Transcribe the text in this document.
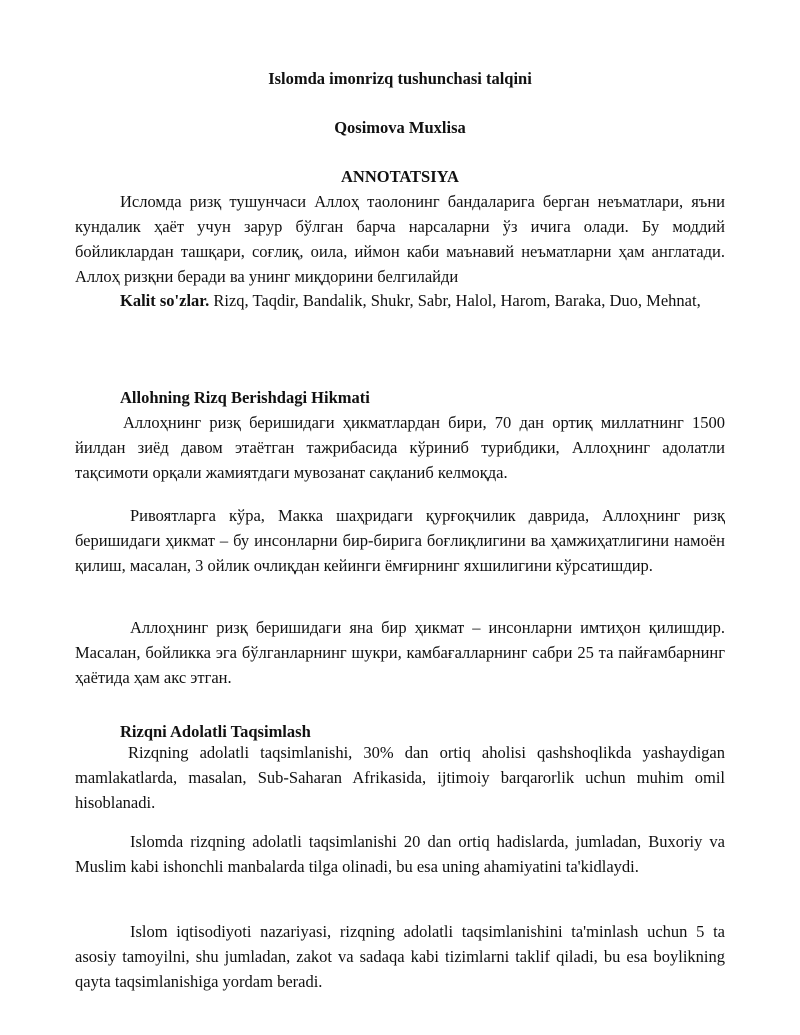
Islomda imonrizq tushunchasi talqini
Qosimova Muxlisa
ANNOTATSIYA
Исломда ризқ тушунчаси Аллоҳ таолонинг бандаларига берган неъматлари, яъни кундалик ҳаёт учун зарур бўлган барча нарсаларни ўз ичига олади. Бу моддий бойликлардан ташқари, соғлиқ, оила, иймон каби маънавий неъматларни ҳам англатади. Аллоҳ ризқни беради ва унинг миқдорини белгилайди
Kalit so'zlar. Rizq, Taqdir, Bandalik, Shukr, Sabr, Halol, Harom, Baraka, Duo, Mehnat,
Allohning Rizq Berishdagi Hikmati
Аллоҳнинг ризқ беришидаги ҳикматлардан бири, 70 дан ортиқ миллатнинг 1500 йилдан зиёд давом этаётган тажрибасида кўриниб турибдики, Аллоҳнинг адолатли тақсимоти орқали жамиятдаги мувозанат сақланиб келмоқда.
Ривоятларга кўра, Макка шаҳридаги қурғоқчилик даврида, Аллоҳнинг ризқ беришидаги ҳикмат – бу инсонларни бир-бирига боғлиқлигини ва ҳамжиҳатлигини намоён қилиш, масалан, 3 ойлик очлиқдан кейинги ёмғирнинг яхшилигини кўрсатишдир.
Аллоҳнинг ризқ беришидаги яна бир ҳикмат – инсонларни имтиҳон қилишдир. Масалан, бойликка эга бўлганларнинг шукри, камбағалларнинг сабри 25 та пайғамбарнинг ҳаётида ҳам акс этган.
Rizqni Adolatli Taqsimlash
Rizqning adolatli taqsimlanishi, 30% dan ortiq aholisi qashshoqlikda yashaydigan mamlakatlarda, masalan, Sub-Saharan Afrikasida, ijtimoiy barqarorlik uchun muhim omil hisoblanadi.
Islomda rizqning adolatli taqsimlanishi 20 dan ortiq hadislarda, jumladan, Buxoriy va Muslim kabi ishonchli manbalarda tilga olinadi, bu esa uning ahamiyatini ta'kidlaydi.
Islom iqtisodiyoti nazariyasi, rizqning adolatli taqsimlanishini ta'minlash uchun 5 ta asosiy tamoyilni, shu jumladan, zakot va sadaqa kabi tizimlarni taklif qiladi, bu esa boylikning qayta taqsimlanishiga yordam beradi.
